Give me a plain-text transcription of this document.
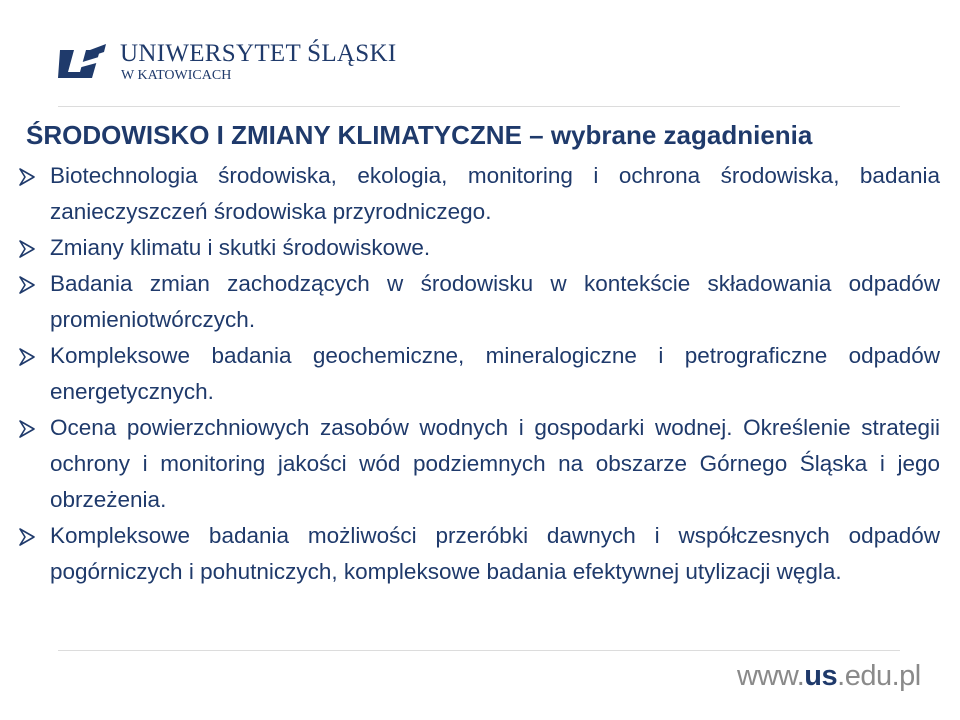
UNIWERSYTET ŚLĄSKI
W KATOWICACH
ŚRODOWISKO I ZMIANY KLIMATYCZNE – wybrane zagadnienia
Biotechnologia środowiska, ekologia, monitoring i ochrona środowiska, badania zanieczyszczeń środowiska przyrodniczego.
Zmiany klimatu i skutki środowiskowe.
Badania zmian zachodzących w środowisku w kontekście składowania odpadów promieniotwórczych.
Kompleksowe badania geochemiczne, mineralogiczne i petrograficzne odpadów energetycznych.
Ocena powierzchniowych zasobów wodnych i gospodarki wodnej. Określenie strategii ochrony i monitoring jakości wód podziemnych na obszarze Górnego Śląska i jego obrzeżenia.
Kompleksowe badania możliwości przeróbki dawnych i współczesnych odpadów pogórniczych i pohutniczych, kompleksowe badania efektywnej utylizacji węgla.
www.us.edu.pl
